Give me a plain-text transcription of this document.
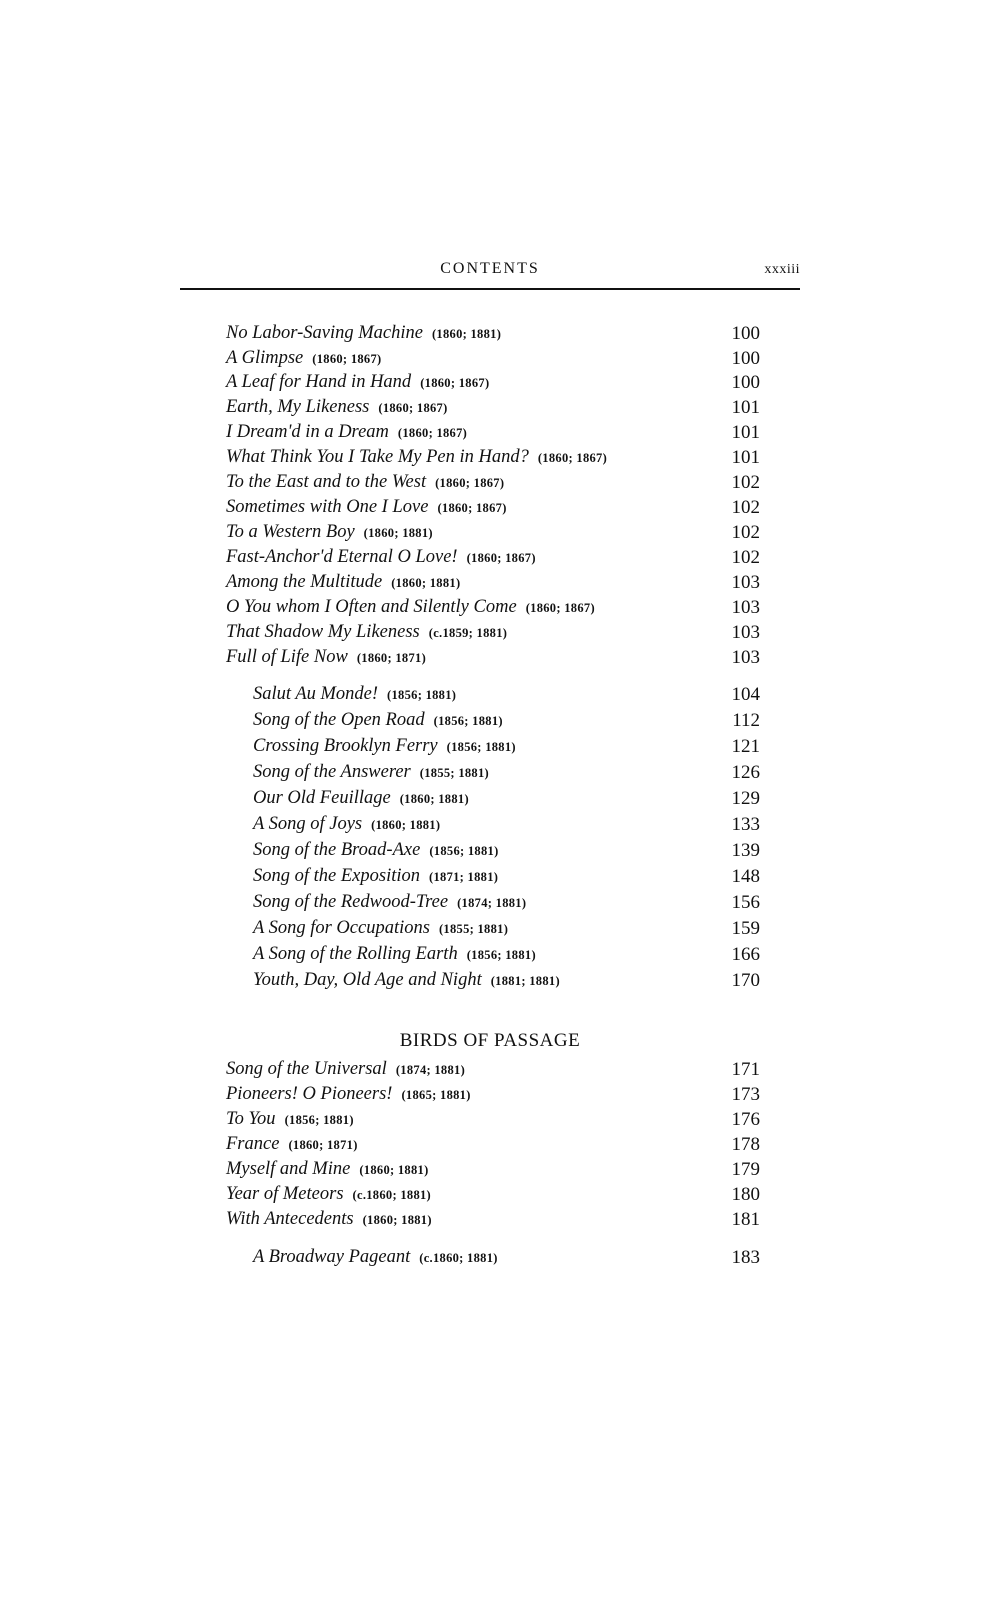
CONTENTS	xxxiii
No Labor-Saving Machine (1860; 1881)	100
A Glimpse (1860; 1867)	100
A Leaf for Hand in Hand (1860; 1867)	100
Earth, My Likeness (1860; 1867)	101
I Dream'd in a Dream (1860; 1867)	101
What Think You I Take My Pen in Hand? (1860; 1867)	101
To the East and to the West (1860; 1867)	102
Sometimes with One I Love (1860; 1867)	102
To a Western Boy (1860; 1881)	102
Fast-Anchor'd Eternal O Love! (1860; 1867)	102
Among the Multitude (1860; 1881)	103
O You whom I Often and Silently Come (1860; 1867)	103
That Shadow My Likeness (c.1859; 1881)	103
Full of Life Now (1860; 1871)	103
Salut Au Monde! (1856; 1881)	104
Song of the Open Road (1856; 1881)	112
Crossing Brooklyn Ferry (1856; 1881)	121
Song of the Answerer (1855; 1881)	126
Our Old Feuillage (1860; 1881)	129
A Song of Joys (1860; 1881)	133
Song of the Broad-Axe (1856; 1881)	139
Song of the Exposition (1871; 1881)	148
Song of the Redwood-Tree (1874; 1881)	156
A Song for Occupations (1855; 1881)	159
A Song of the Rolling Earth (1856; 1881)	166
Youth, Day, Old Age and Night (1881; 1881)	170
BIRDS OF PASSAGE
Song of the Universal (1874; 1881)	171
Pioneers! O Pioneers! (1865; 1881)	173
To You (1856; 1881)	176
France (1860; 1871)	178
Myself and Mine (1860; 1881)	179
Year of Meteors (c.1860; 1881)	180
With Antecedents (1860; 1881)	181
A Broadway Pageant (c.1860; 1881)	183
